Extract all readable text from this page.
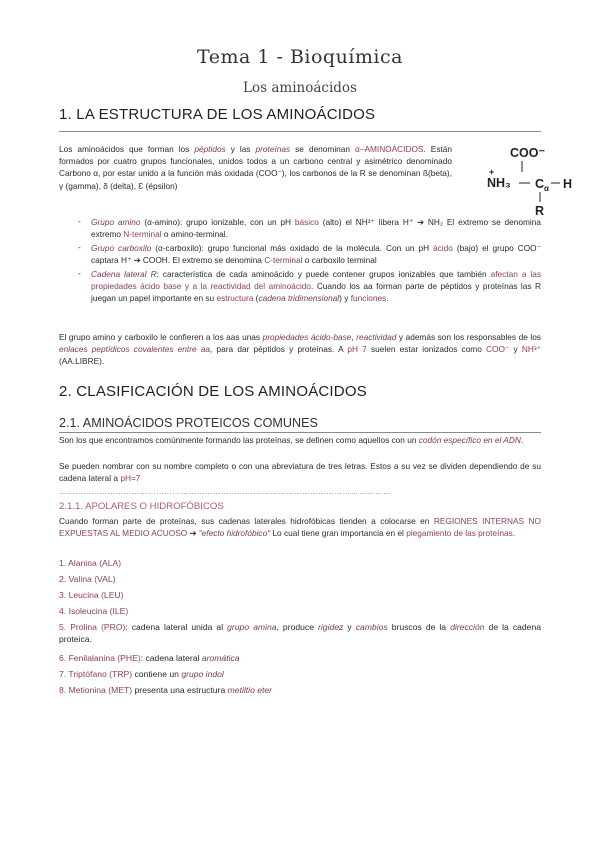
Tema 1 - Bioquímica
Los aminoácidos
1. LA ESTRUCTURA DE LOS AMINOÁCIDOS
Los aminoácidos que forman los péptidos y las proteínas se denominan α–AMINOÁCIDOS. Están formados por cuatro grupos funcionales, unidos todos a un carbono central y asimétrico denominado Carbono α, por estar unido a la función más oxidada (COO⁻), los carbonos de la R se denominan ß(beta), γ (gamma), δ (delta), Ɛ (épsilon)
COO⁻
+
NH₃ C α H
R
- Grupo amino (α-amino): grupo ionizable, con un pH básico (alto) el NH³⁺ libera H⁺ ➔ NH₂ El extremo se denomina extremo N-terminal o amino-terminal.
- Grupo carboxilo (α-carboxilo): grupo funcional más oxidado de la molécula. Con un pH ácido (bajo) el grupo COO⁻ captara H⁺ ➔ COOH. El extremo se denomina C-terminal o carboxilo terminal
- Cadena lateral R: característica de cada aminoácido y puede contener grupos ionizables que también afectan a las propiedades ácido base y a la reactividad del aminoácido. Cuando los aa forman parte de péptidos y proteínas las R juegan un papel importante en su estructura (cadena tridimensional) y funciones.
El grupo amino y carboxilo le confieren a los aas unas propiedades ácido-base, reactividad y además son los responsables de los enlaces peptídicos covalentes entre aa, para dar péptidos y proteínas. A pH 7 suelen estar ionizados como COO⁻ y NH³⁺ (AA.LIBRE).
2. CLASIFICACIÓN DE LOS AMINOÁCIDOS
2.1. AMINOÁCIDOS PROTEICOS COMUNES
Son los que encontramos comúnmente formando las proteínas, se definen como aquellos con un codón específico en el ADN.
Se pueden nombrar con su nombre completo o con una abreviatura de tres letras. Estos a su vez se dividen dependiendo de su cadena lateral a pH=7
……………………………………………………………………………………………………………
2.1.1. APOLARES O HIDROFÓBICOS
Cuando forman parte de proteínas, sus cadenas laterales hidrofóbicas tienden a colocarse en REGIONES INTERNAS NO EXPUESTAS AL MEDIO ACUOSO ➔ "efecto hidrofóbico" Lo cual tiene gran importancia en el plegamiento de las proteínas.
1. Alanina (ALA)
2. Valina (VAL)
3. Leucina (LEU)
4. Isoleucina (ILE)
5. Prolina (PRO): cadena lateral unida al grupo amina, produce rigidez y cambios bruscos de la dirección de la cadena proteica.
6. Fenilalanina (PHE): cadena lateral aromática
7. Triptófano (TRP) contiene un grupo indol
8. Metionina (MET) presenta una estructura metiltio eter
